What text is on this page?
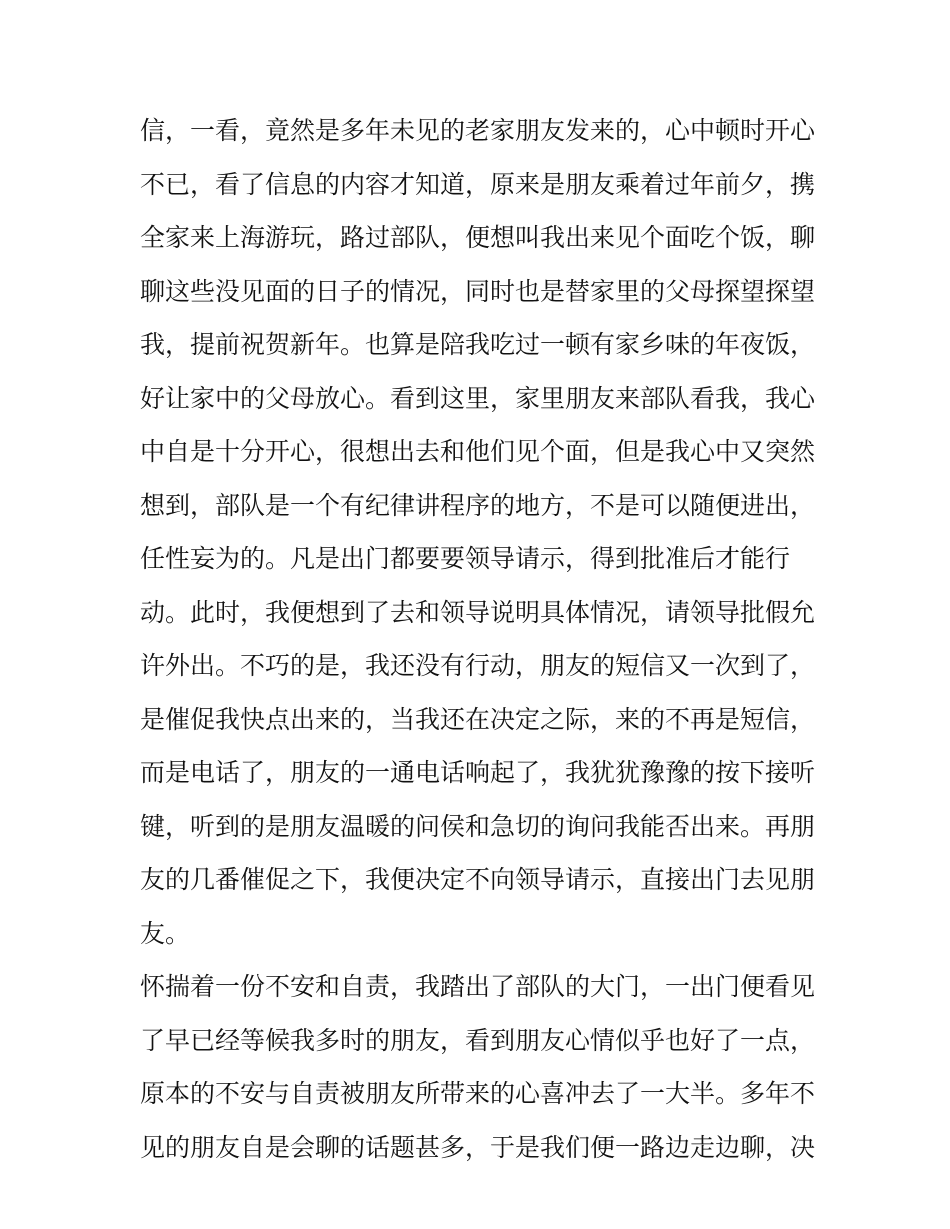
信，一看，竟然是多年未见的老家朋友发来的，心中顿时开心
不已，看了信息的内容才知道，原来是朋友乘着过年前夕，携
全家来上海游玩，路过部队，便想叫我出来见个面吃个饭，聊
聊这些没见面的日子的情况，同时也是替家里的父母探望探望
我，提前祝贺新年。也算是陪我吃过一顿有家乡味的年夜饭，
好让家中的父母放心。看到这里，家里朋友来部队看我，我心
中自是十分开心，很想出去和他们见个面，但是我心中又突然
想到，部队是一个有纪律讲程序的地方，不是可以随便进出，
任性妄为的。凡是出门都要要领导请示，得到批准后才能行
动。此时，我便想到了去和领导说明具体情况，请领导批假允
许外出。不巧的是，我还没有行动，朋友的短信又一次到了，
是催促我快点出来的，当我还在决定之际，来的不再是短信，
而是电话了，朋友的一通电话响起了，我犹犹豫豫的按下接听
键，听到的是朋友温暖的问侯和急切的询问我能否出来。再朋
友的几番催促之下，我便决定不向领导请示，直接出门去见朋
友。
怀揣着一份不安和自责，我踏出了部队的大门，一出门便看见
了早已经等候我多时的朋友，看到朋友心情似乎也好了一点，
原本的不安与自责被朋友所带来的心喜冲去了一大半。多年不
见的朋友自是会聊的话题甚多，于是我们便一路边走边聊，决
